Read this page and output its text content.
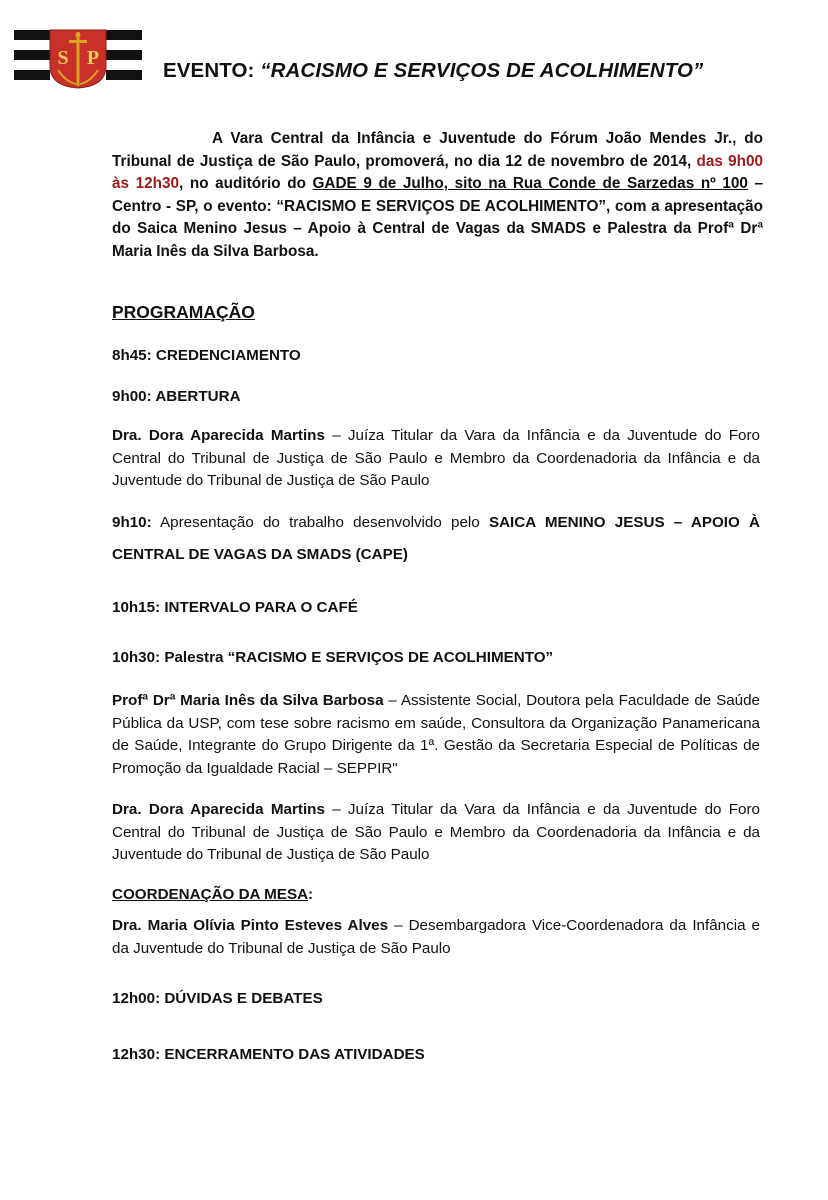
S P
EVENTO: “RACISMO E SERVIÇOS DE ACOLHIMENTO”

A Vara Central da Infância e Juventude do Fórum João Mendes Jr., do Tribunal de Justiça de São Paulo, promoverá, no dia 12 de novembro de 2014, das 9h00 às 12h30, no auditório do GADE 9 de Julho, sito na Rua Conde de Sarzedas nº 100 – Centro - SP, o evento: “RACISMO E SERVIÇOS DE ACOLHIMENTO”, com a apresentação do Saica Menino Jesus – Apoio à Central de Vagas da SMADS e Palestra da Profª Drª Maria Inês da Silva Barbosa.

PROGRAMAÇÃO

8h45: CREDENCIAMENTO

9h00: ABERTURA

Dra. Dora Aparecida Martins – Juíza Titular da Vara da Infância e da Juventude do Foro Central do Tribunal de Justiça de São Paulo e Membro da Coordenadoria da Infância e da Juventude do Tribunal de Justiça de São Paulo

9h10: Apresentação do trabalho desenvolvido pelo SAICA MENINO JESUS – APOIO À CENTRAL DE VAGAS DA SMADS (CAPE)

10h15: INTERVALO PARA O CAFÉ

10h30: Palestra “RACISMO E SERVIÇOS DE ACOLHIMENTO”

Profª Drª Maria Inês da Silva Barbosa – Assistente Social, Doutora pela Faculdade de Saúde Pública da USP, com tese sobre racismo em saúde, Consultora da Organização Panamericana de Saúde, Integrante do Grupo Dirigente da 1ª. Gestão da Secretaria Especial de Políticas de Promoção da Igualdade Racial – SEPPIR"

Dra. Dora Aparecida Martins – Juíza Titular da Vara da Infância e da Juventude do Foro Central do Tribunal de Justiça de São Paulo e Membro da Coordenadoria da Infância e da Juventude do Tribunal de Justiça de São Paulo

COORDENAÇÃO DA MESA:

Dra. Maria Olívia Pinto Esteves Alves – Desembargadora Vice-Coordenadora da Infância e da Juventude do Tribunal de Justiça de São Paulo

12h00: DÚVIDAS E DEBATES

12h30: ENCERRAMENTO DAS ATIVIDADES
